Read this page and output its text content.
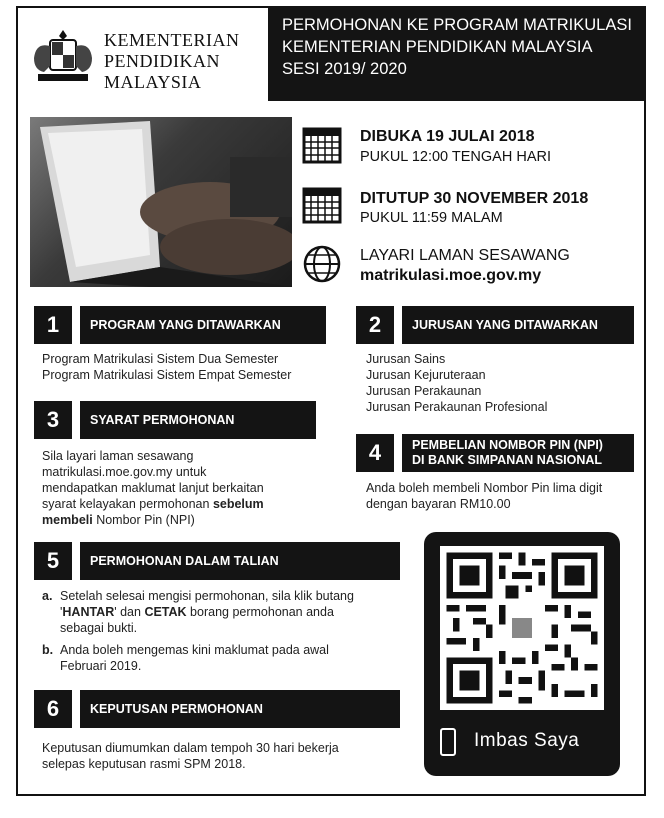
KEMENTERIAN
PENDIDIKAN
MALAYSIA
PERMOHONAN KE PROGRAM MATRIKULASI
KEMENTERIAN PENDIDIKAN MALAYSIA
SESI 2019/ 2020
DIBUKA 19 JULAI 2018
PUKUL 12:00 TENGAH HARI
DITUTUP 30 NOVEMBER 2018
PUKUL 11:59 MALAM
LAYARI LAMAN SESAWANG
matrikulasi.moe.gov.my
1	PROGRAM YANG DITAWARKAN
Program Matrikulasi Sistem Dua Semester
Program Matrikulasi Sistem Empat Semester
2	JURUSAN YANG DITAWARKAN
Jurusan Sains
Jurusan Kejuruteraan
Jurusan Perakaunan
Jurusan Perakaunan Profesional
3	SYARAT PERMOHONAN
Sila layari laman sesawang
matrikulasi.moe.gov.my untuk
mendapatkan maklumat lanjut berkaitan
syarat kelayakan permohonan sebelum
membeli Nombor Pin (NPI)
4	PEMBELIAN NOMBOR PIN (NPI)
DI BANK SIMPANAN NASIONAL
Anda boleh membeli Nombor Pin lima digit
dengan bayaran RM10.00
5	PERMOHONAN DALAM TALIAN
a. Setelah selesai mengisi permohonan, sila klik butang
'HANTAR' dan CETAK borang permohonan anda
sebagai bukti.
b. Anda boleh mengemas kini maklumat pada awal
Februari 2019.
6	KEPUTUSAN PERMOHONAN
Keputusan diumumkan dalam tempoh 30 hari bekerja
selepas keputusan rasmi SPM 2018.
Imbas Saya
